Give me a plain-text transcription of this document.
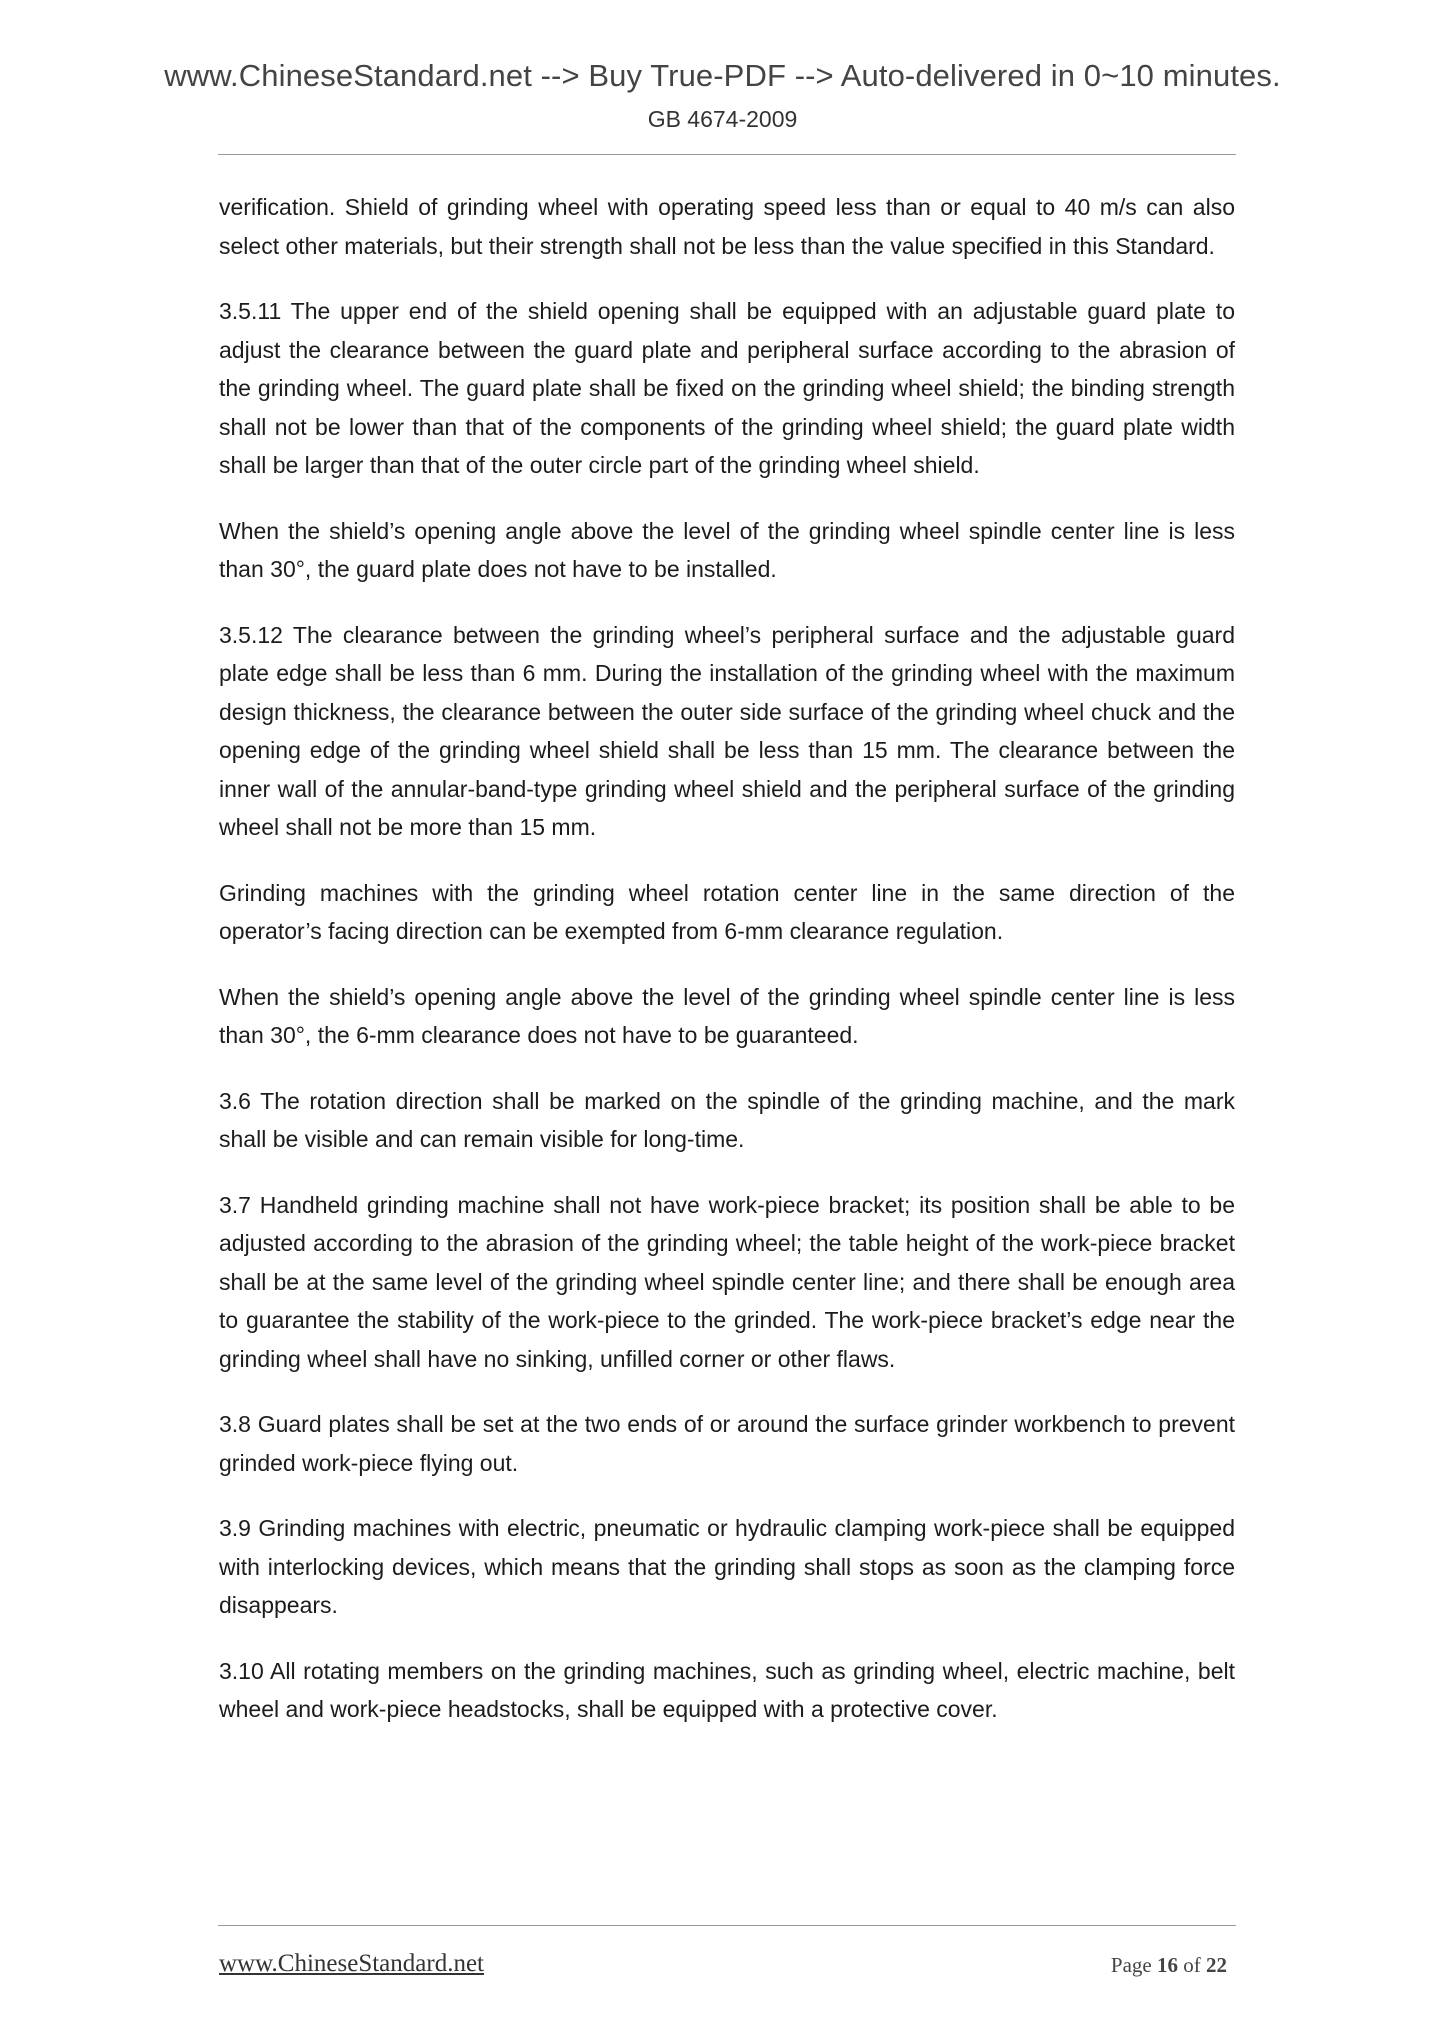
www.ChineseStandard.net --> Buy True-PDF --> Auto-delivered in 0~10 minutes.
GB 4674-2009

verification. Shield of grinding wheel with operating speed less than or equal to 40 m/s can also select other materials, but their strength shall not be less than the value specified in this Standard.

3.5.11 The upper end of the shield opening shall be equipped with an adjustable guard plate to adjust the clearance between the guard plate and peripheral surface according to the abrasion of the grinding wheel. The guard plate shall be fixed on the grinding wheel shield; the binding strength shall not be lower than that of the components of the grinding wheel shield; the guard plate width shall be larger than that of the outer circle part of the grinding wheel shield.

When the shield’s opening angle above the level of the grinding wheel spindle center line is less than 30°, the guard plate does not have to be installed.

3.5.12 The clearance between the grinding wheel’s peripheral surface and the adjustable guard plate edge shall be less than 6 mm. During the installation of the grinding wheel with the maximum design thickness, the clearance between the outer side surface of the grinding wheel chuck and the opening edge of the grinding wheel shield shall be less than 15 mm. The clearance between the inner wall of the annular-band-type grinding wheel shield and the peripheral surface of the grinding wheel shall not be more than 15 mm.

Grinding machines with the grinding wheel rotation center line in the same direction of the operator’s facing direction can be exempted from 6-mm clearance regulation.

When the shield’s opening angle above the level of the grinding wheel spindle center line is less than 30°, the 6-mm clearance does not have to be guaranteed.

3.6 The rotation direction shall be marked on the spindle of the grinding machine, and the mark shall be visible and can remain visible for long-time.

3.7 Handheld grinding machine shall not have work-piece bracket; its position shall be able to be adjusted according to the abrasion of the grinding wheel; the table height of the work-piece bracket shall be at the same level of the grinding wheel spindle center line; and there shall be enough area to guarantee the stability of the work-piece to the grinded. The work-piece bracket’s edge near the grinding wheel shall have no sinking, unfilled corner or other flaws.

3.8 Guard plates shall be set at the two ends of or around the surface grinder workbench to prevent grinded work-piece flying out.

3.9 Grinding machines with electric, pneumatic or hydraulic clamping work-piece shall be equipped with interlocking devices, which means that the grinding shall stops as soon as the clamping force disappears.

3.10 All rotating members on the grinding machines, such as grinding wheel, electric machine, belt wheel and work-piece headstocks, shall be equipped with a protective cover.

www.ChineseStandard.net	Page 16 of 22
